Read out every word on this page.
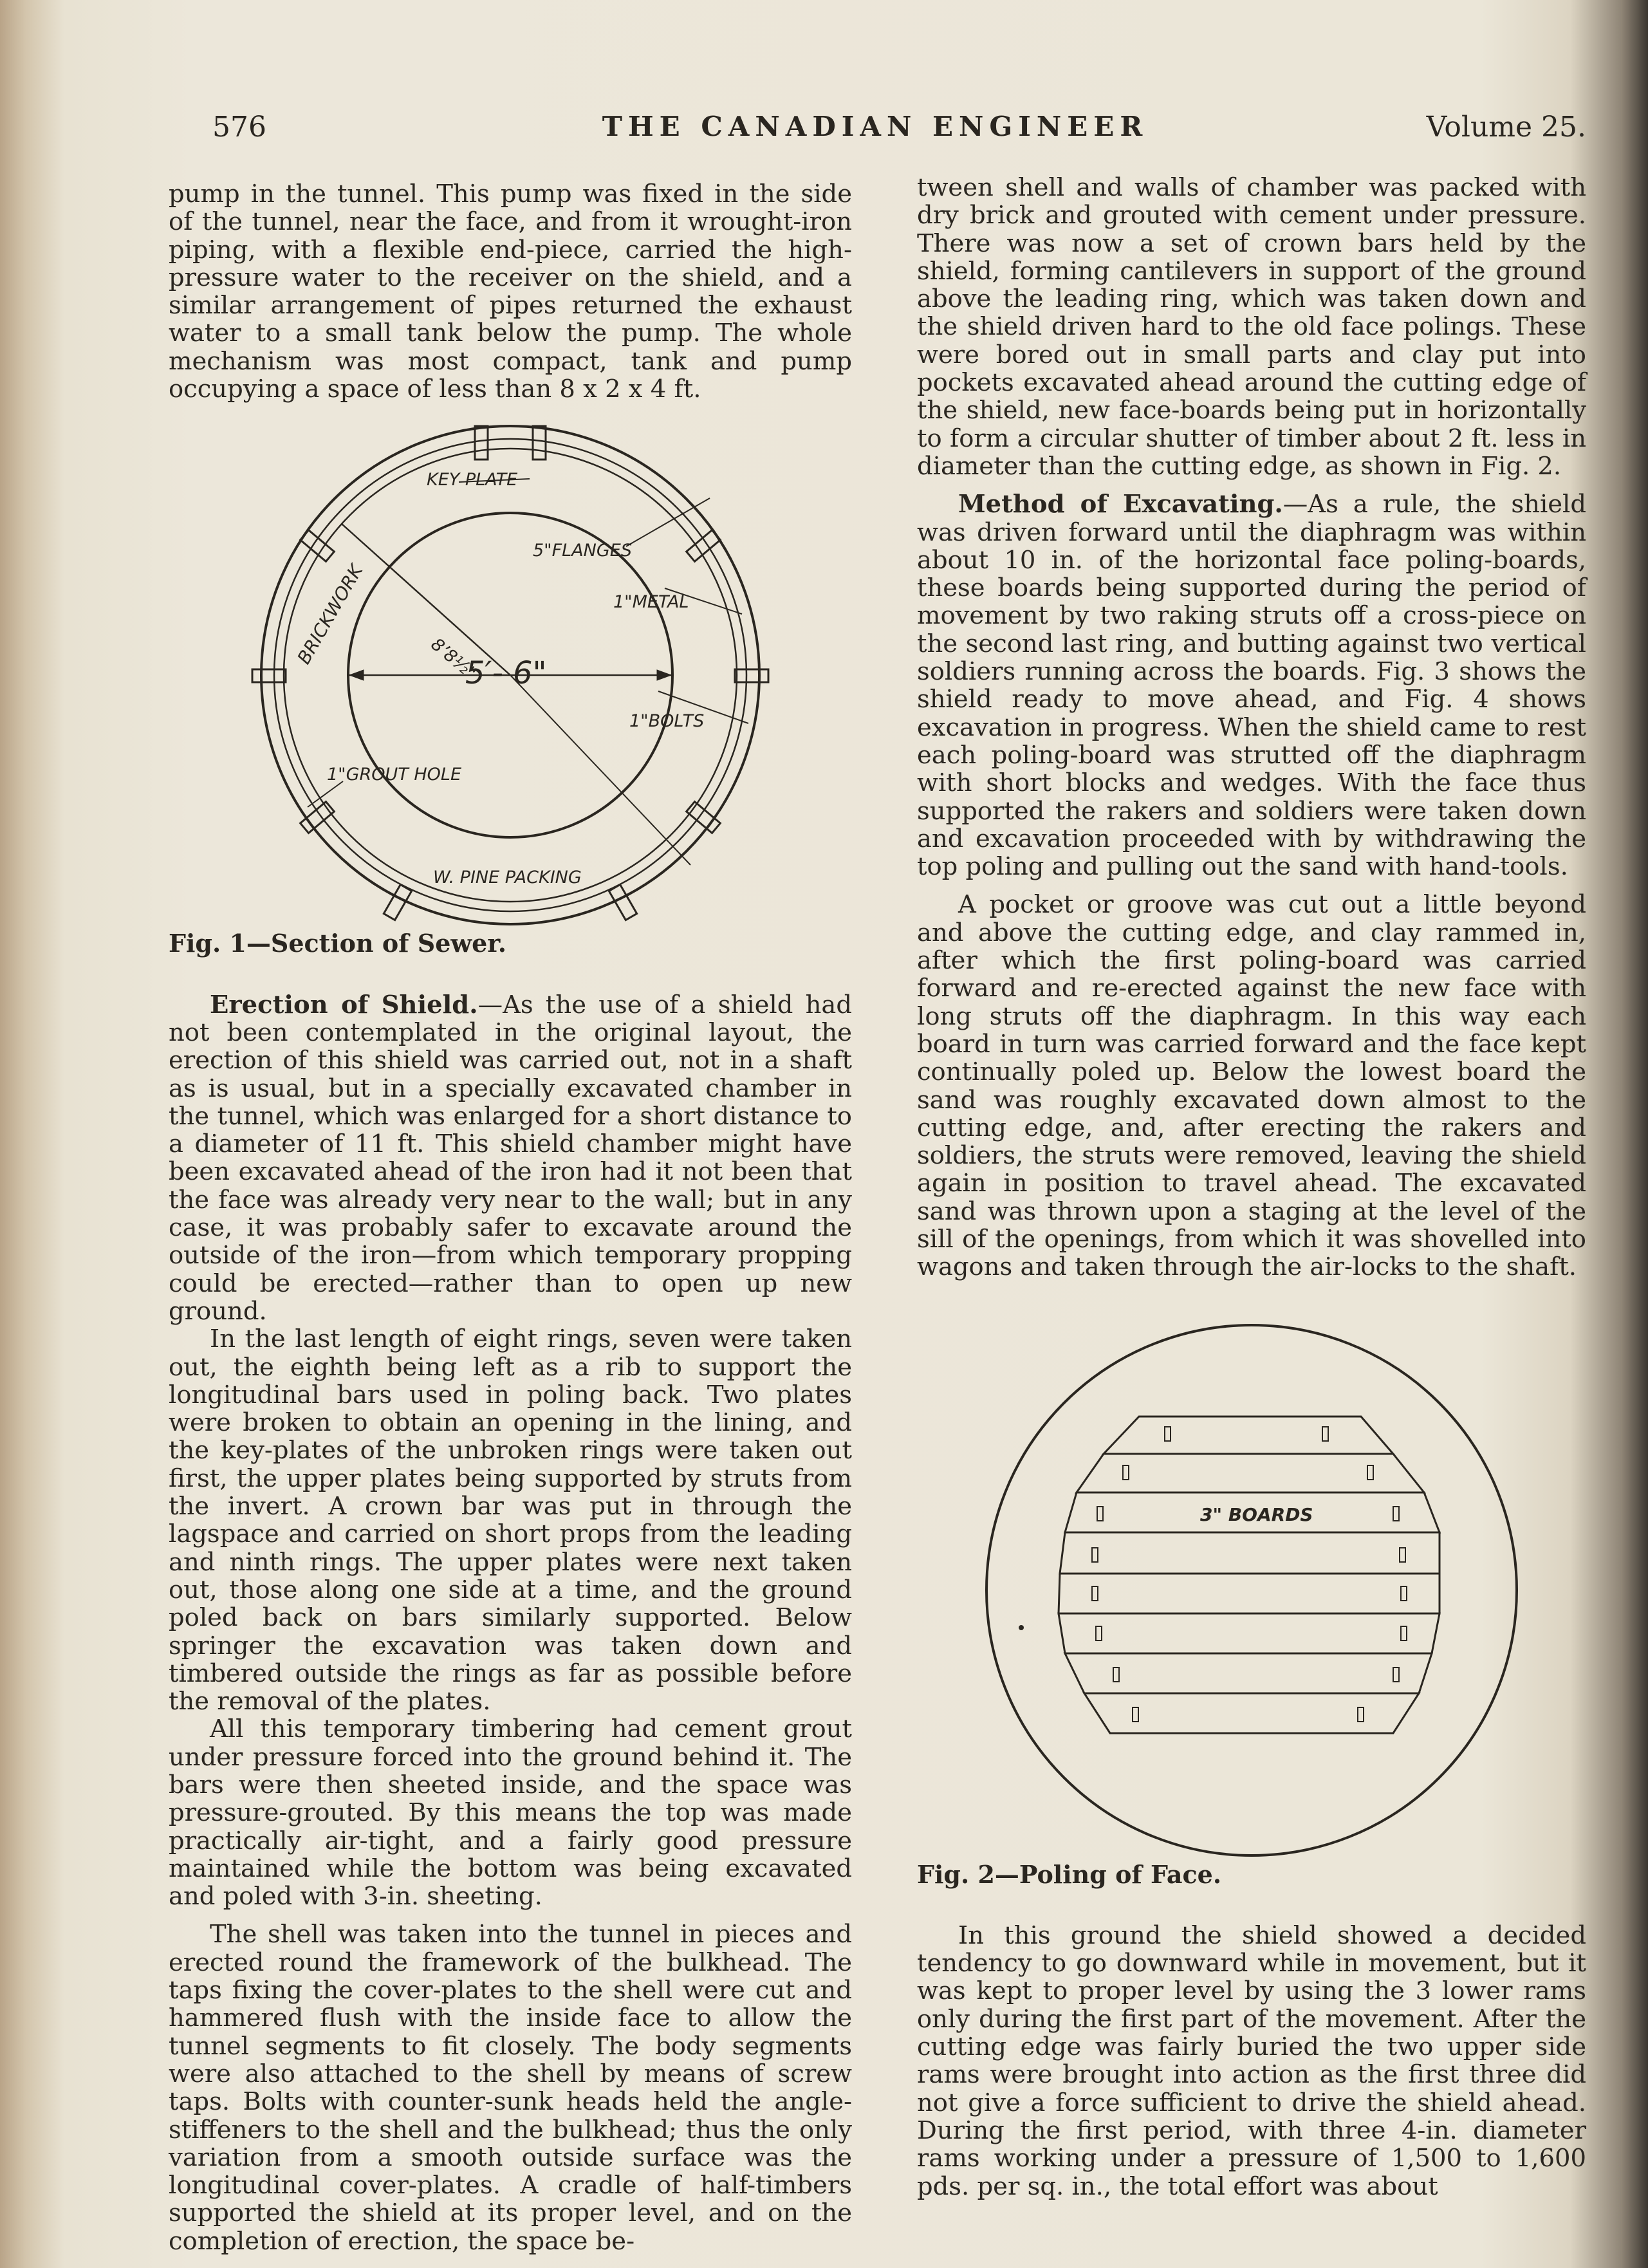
576	THE CANADIAN ENGINEER	Volume 25.

pump in the tunnel. This pump was fixed in the side of the tunnel, near the face, and from it wrought-iron piping, with a flexible end-piece, carried the high-pressure water to the receiver on the shield, and a similar arrangement of pipes returned the exhaust water to a small tank below the pump. The whole mechanism was most compact, tank and pump occupying a space of less than 8 x 2 x 4 ft.

KEY PLATE
BRICKWORK
5"FLANGES
1"METAL
8’8½"
5′- 6"
1"BOLTS
1"GROUT HOLE
W. PINE PACKING

Fig. 1—Section of Sewer.

Erection of Shield.—As the use of a shield had not been contemplated in the original layout, the erection of this shield was carried out, not in a shaft as is usual, but in a specially excavated chamber in the tunnel, which was enlarged for a short distance to a diameter of 11 ft. This shield chamber might have been excavated ahead of the iron had it not been that the face was already very near to the wall; but in any case, it was probably safer to excavate around the outside of the iron—from which temporary propping could be erected—rather than to open up new ground.

In the last length of eight rings, seven were taken out, the eighth being left as a rib to support the longitudinal bars used in poling back. Two plates were broken to obtain an opening in the lining, and the key-plates of the unbroken rings were taken out first, the upper plates being supported by struts from the invert. A crown bar was put in through the lagspace and carried on short props from the leading and ninth rings. The upper plates were next taken out, those along one side at a time, and the ground poled back on bars similarly supported. Below springer the excavation was taken down and timbered outside the rings as far as possible before the removal of the plates.

All this temporary timbering had cement grout under pressure forced into the ground behind it. The bars were then sheeted inside, and the space was pressure-grouted. By this means the top was made practically air-tight, and a fairly good pressure maintained while the bottom was being excavated and poled with 3-in. sheeting.

The shell was taken into the tunnel in pieces and erected round the framework of the bulkhead. The taps fixing the cover-plates to the shell were cut and hammered flush with the inside face to allow the tunnel segments to fit closely. The body segments were also attached to the shell by means of screw taps. Bolts with counter-sunk heads held the angle-stiffeners to the shell and the bulkhead; thus the only variation from a smooth outside surface was the longitudinal cover-plates. A cradle of half-timbers supported the shield at its proper level, and on the completion of erection, the space be-

tween shell and walls of chamber was packed with dry brick and grouted with cement under pressure. There was now a set of crown bars held by the shield, forming cantilevers in support of the ground above the leading ring, which was taken down and the shield driven hard to the old face polings. These were bored out in small parts and clay put into pockets excavated ahead around the cutting edge of the shield, new face-boards being put in horizontally to form a circular shutter of timber about 2 ft. less in diameter than the cutting edge, as shown in Fig. 2.

Method of Excavating.—As a rule, the shield was driven forward until the diaphragm was within about 10 in. of the horizontal face poling-boards, these boards being supported during the period of movement by two raking struts off a cross-piece on the second last ring, and butting against two vertical soldiers running across the boards. Fig. 3 shows the shield ready to move ahead, and Fig. 4 shows excavation in progress. When the shield came to rest each poling-board was strutted off the diaphragm with short blocks and wedges. With the face thus supported the rakers and soldiers were taken down and excavation proceeded with by withdrawing the top poling and pulling out the sand with hand-tools.

A pocket or groove was cut out a little beyond and above the cutting edge, and clay rammed in, after which the first poling-board was carried forward and re-erected against the new face with long struts off the diaphragm. In this way each board in turn was carried forward and the face kept continually poled up. Below the lowest board the sand was roughly excavated down almost to the cutting edge, and, after erecting the rakers and soldiers, the struts were removed, leaving the shield again in position to travel ahead. The excavated sand was thrown upon a staging at the level of the sill of the openings, from which it was shovelled into wagons and taken through the air-locks to the shaft.

3" BOARDS

Fig. 2—Poling of Face.

In this ground the shield showed a decided tendency to go downward while in movement, but it was kept to proper level by using the 3 lower rams only during the first part of the movement. After the cutting edge was fairly buried the two upper side rams were brought into action as the first three did not give a force sufficient to drive the shield ahead. During the first period, with three 4-in. diameter rams working under a pressure of 1,500 to 1,600 pds. per sq. in., the total effort was about
